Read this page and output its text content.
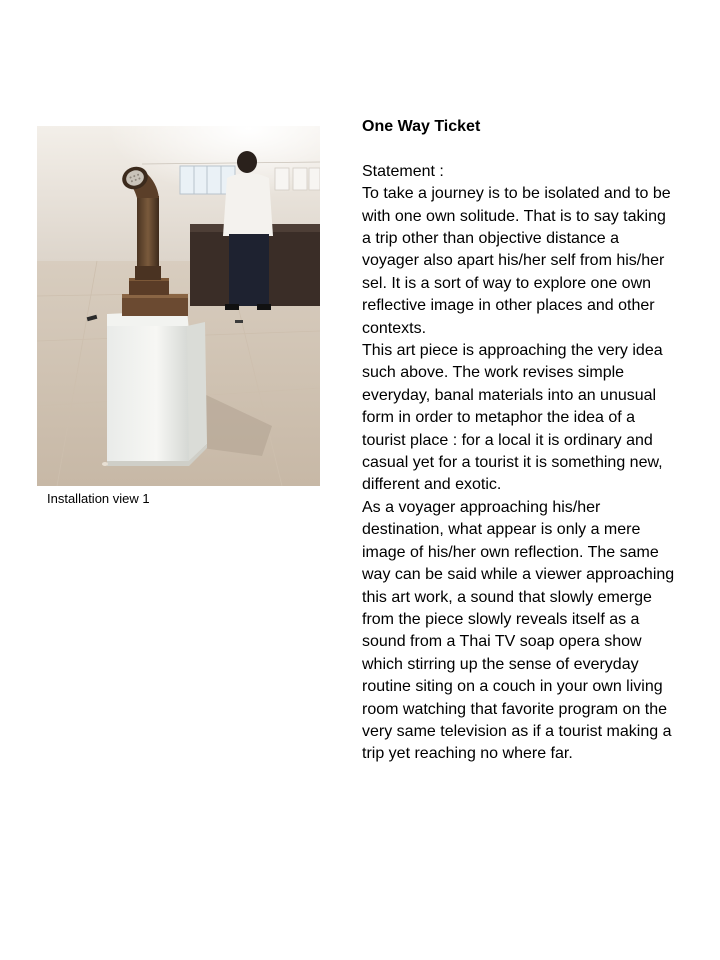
Installation view 1
One Way Ticket
Statement :
To take a journey is to be isolated and to be
with one own solitude. That is to say taking
a trip other than objective distance a
voyager also apart his/her self from his/her
sel. It is a sort of way to explore one own
reflective image in other places and other
contexts.
This art piece is approaching the very idea
such above. The work revises simple
everyday, banal materials into an unusual
form in order to metaphor the idea of a
tourist place : for a local it is ordinary and
casual yet for a tourist it is something new,
different and exotic.
As a voyager approaching his/her
destination, what appear is only a mere
image of his/her own reflection. The same
way can be said while a viewer approaching
this art work, a sound that slowly emerge
from the piece slowly reveals itself as a
sound from a Thai TV soap opera show
which stirring up the sense of everyday
routine siting on a couch in your own living
room watching that favorite program on the
very same television as if a tourist making a
trip yet reaching no where far.
